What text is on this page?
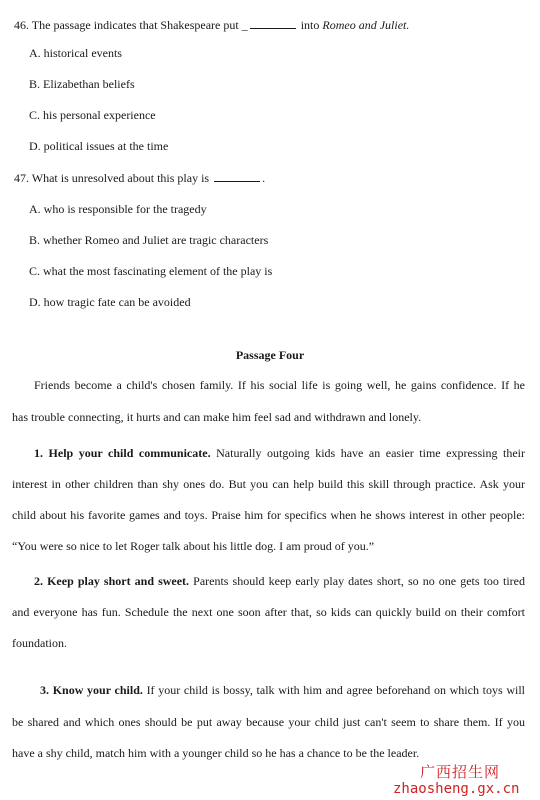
46. The passage indicates that Shakespeare put _	into Romeo and Juliet.
A. historical events
B. Elizabethan beliefs
C. his personal experience
D. political issues at the time
47. What is unresolved about this play is	.
A. who is responsible for the tragedy
B. whether Romeo and Juliet are tragic characters
C. what the most fascinating element of the play is
D. how tragic fate can be avoided
Passage Four
Friends become a child's chosen family. If his social life is going well, he gains confidence. If he
has trouble connecting, it hurts and can make him feel sad and withdrawn and lonely.
1. Help your child communicate. Naturally outgoing kids have an easier time expressing their
interest in other children than shy ones do. But you can help build this skill through practice. Ask your
child about his favorite games and toys. Praise him for specifics when he shows interest in other people:
“You were so nice to let Roger talk about his little dog. I am proud of you.”
2. Keep play short and sweet. Parents should keep early play dates short, so no one gets too tired
and everyone has fun. Schedule the next one soon after that, so kids can quickly build on their comfort
foundation.
3. Know your child. If your child is bossy, talk with him and agree beforehand on which toys will
be shared and which ones should be put away because your child just can't seem to share them. If you
have a shy child, match him with a younger child so he has a chance to be the leader.
广西招生网
zhaosheng.gx.cn
